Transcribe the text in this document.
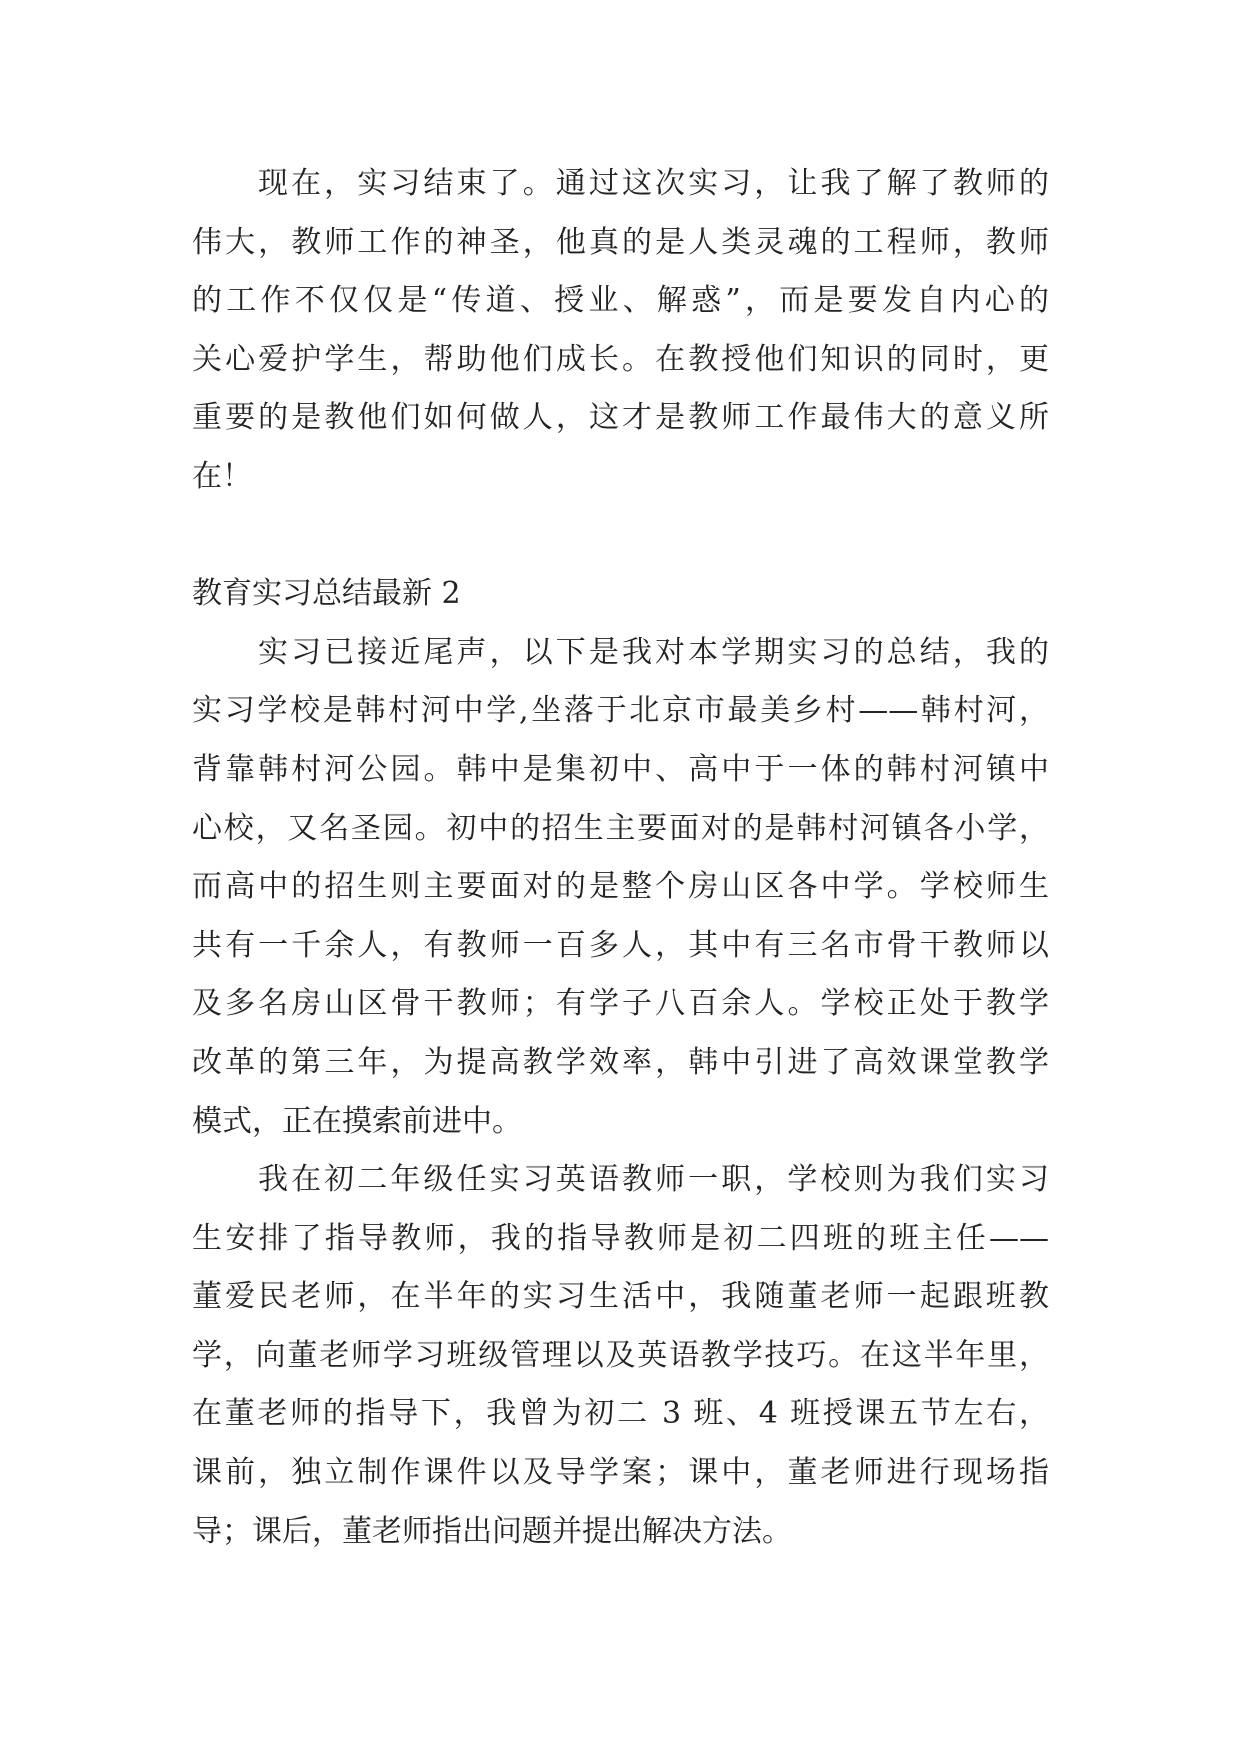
现在，实习结束了。通过这次实习，让我了解了教师的
伟大，教师工作的神圣，他真的是人类灵魂的工程师，教师
的工作不仅仅是“传道、授业、解惑”，而是要发自内心的
关心爱护学生，帮助他们成长。在教授他们知识的同时，更
重要的是教他们如何做人，这才是教师工作最伟大的意义所
在！
教育实习总结最新 2
实习已接近尾声，以下是我对本学期实习的总结，我的
实习学校是韩村河中学,坐落于北京市最美乡村——韩村河，
背靠韩村河公园。韩中是集初中、高中于一体的韩村河镇中
心校，又名圣园。初中的招生主要面对的是韩村河镇各小学，
而高中的招生则主要面对的是整个房山区各中学。学校师生
共有一千余人，有教师一百多人，其中有三名市骨干教师以
及多名房山区骨干教师；有学子八百余人。学校正处于教学
改革的第三年，为提高教学效率，韩中引进了高效课堂教学
模式，正在摸索前进中。
我在初二年级任实习英语教师一职，学校则为我们实习
生安排了指导教师，我的指导教师是初二四班的班主任——
董爱民老师，在半年的实习生活中，我随董老师一起跟班教
学，向董老师学习班级管理以及英语教学技巧。在这半年里，
在董老师的指导下，我曾为初二 3 班、4 班授课五节左右，
课前，独立制作课件以及导学案；课中，董老师进行现场指
导；课后，董老师指出问题并提出解决方法。
